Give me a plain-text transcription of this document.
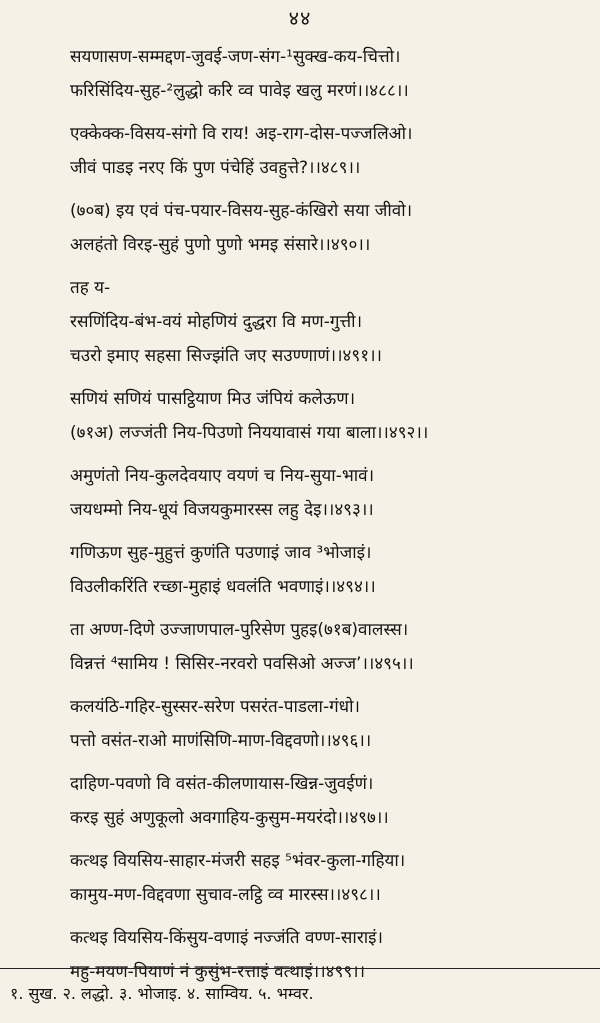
४४
सयणासण-सम्मद्दण-जुवई-जण-संग-¹सुक्ख-कय-चित्तो।
फरिसिंदिय-सुह-²लुद्धो करि व्व पावेइ खलु मरणं।।४८८।।
एक्केक्क-विसय-संगो वि राय! अइ-राग-दोस-पज्जलिओ।
जीवं पाडइ नरए किं पुण पंचेहिं उवहुत्ते?।।४८९।।
(७०ब) इय एवं पंच-पयार-विसय-सुह-कंखिरो सया जीवो।
अलहंतो विरइ-सुहं पुणो पुणो भमइ संसारे।।४९०।।
तह य-
रसणिंदिय-बंभ-वयं मोहणियं दुद्धरा वि मण-गुत्ती।
चउरो इमाए सहसा सिज्झंति जए सउण्णाणं।।४९१।।
सणियं सणियं पासट्ठियाण मिउ जंपियं कलेऊण।
(७१अ) लज्जंती निय-पिउणो निययावासं गया बाला।।४९२।।
अमुणंतो निय-कुलदेवयाए वयणं च निय-सुया-भावं।
जयधम्मो निय-धूयं विजयकुमारस्स लहु देइ।।४९३।।
गणिऊण सुह-मुहुत्तं कुणंति पउणाइं जाव ³भोजाइं।
विउलीकरिंति रच्छा-मुहाइं धवलंति भवणाइं।।४९४।।
ता अण्ण-दिणे उज्जाणपाल-पुरिसेण पुहइ(७१ब)वालस्स।
विन्नत्तं ⁴सामिय ! सिसिर-नरवरो पवसिओ अज्ज’।।४९५।।
कलयंठि-गहिर-सुस्सर-सरेण पसरंत-पाडला-गंधो।
पत्तो वसंत-राओ माणंसिणि-माण-विद्दवणो।।४९६।।
दाहिण-पवणो वि वसंत-कीलणायास-खिन्न-जुवईणं।
करइ सुहं अणुकूलो अवगाहिय-कुसुम-मयरंदो।।४९७।।
कत्थइ वियसिय-साहार-मंजरी सहइ ⁵भंवर-कुला-गहिया।
कामुय-मण-विद्दवणा सुचाव-लट्ठि व्व मारस्स।।४९८।।
कत्थइ वियसिय-किंसुय-वणाइं नज्जंति वण्ण-साराइं।
महु-मयण-पियाणं नं कुसुंभ-रत्ताइं वत्थाइं।।४९९।।
१. सुख. २. लद्धो. ३. भोजाइ. ४. साम्विय. ५. भम्वर.
